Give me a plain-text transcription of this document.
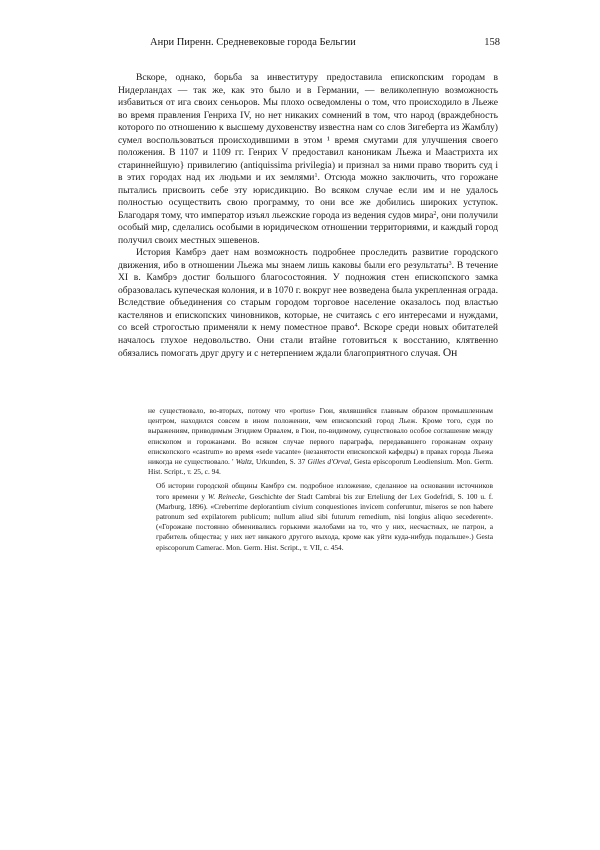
Анри Пиренн. Средневековые города Бельгии	158

Вскоре, однако, борьба за инвеституру предоставила епископским городам в Нидерландах — так же, как это было и в Германии, — великолепную возможность избавиться от ига своих сеньоров. Мы плохо осведомлены о том, что происходило в Льеже во время правления Генриха IV, но нет никаких сомнений в том, что народ (враждебность которого по отношению к высшему духовенству известна нам со слов Зигеберта из Жамблу) сумел воспользоваться происходившими в этом ¹ время смутами для улучшения своего положения. В 1107 и 1109 гг. Генрих V предоставил каноникам Льежа и Маастрихта их стариннейшую} привилегию (antiquissima privilegia) и признал за ними право творить суд i в этих городах над их людьми и их землями$^1$. Отсюда можно заключить, что горожане пытались присвоить себе эту юрисдикцию. Во всяком случае если им и не удалось полностью осуществить свою программу, то они все же добились широких уступок. Благодаря тому, что император изъял льежские города из ведения судов мира$^2$, они получили особый мир, сделались особыми в юридическом отношении территориями, и каждый город получил своих местных эшевенов.

История Камбрэ дает нам возможность подробнее проследить развитие городского движения, ибо в отношении Льежа мы знаем лишь каковы были его результаты$^3$. В течение XI в. Камбрэ достиг большого благосостояния. У подножия стен епископского замка образовалась купеческая колония, и в 1070 г. вокруг нее возведена была укрепленная ограда. Вследствие объединения со старым городом торговое население оказалось под властью кастелянов и епископских чиновников, которые, не считаясь с его интересами и нуждами, со всей строгостью применяли к нему поместное право$^4$. Вскоре среди новых обитателей началось глухое недовольство. Они стали втайне готовиться к восстанию, клятвенно обязались помогать друг другу и с нетерпением ждали благоприятного случая. Он

не существовало, во-вторых, потому что «portus» Гюи, являвшийся главным образом промышленным центром, находился совсем в ином положении, чем епископский город Льеж. Кроме того, судя по выражениям, приводимым Эгидием Орвалем, в Гюи, по-видимому, существовало особое соглашение между епископом и горожанами. Во всяком случае первого параграфа, передававшего горожанам охрану епископского «castrum» во время «sede vacante» (незанятости епископской кафедры) в правах города Льежа никогда не существовало. ' Waltz, Urkunden, S. 37 Gilles d'Orval, Gesta episcoporum Leodiensium. Mon. Germ. Hist. Script., т. 25, с. 94.

Об истории городской общины Камбрэ см. подробное изложение, сделанное на основании источников того времени у W. Reinecke, Geschichte der Stadt Cambrai bis zur Erteliung der Lex Godefridi, S. 100 u. f. (Marburg, 1896). «Creberrime deplorantium civium conquestiones invicem conferuntur, miseros se non habere patronum sed expilatorem publicum; nullum aliud sibi futurum remedium, nisi longius aliquo secederent». («Горожане постоянно обменивались горькими жалобами на то, что у них, несчастных, не патрон, а грабитель общества; у них нет никакого другого выхода, кроме как уйти куда-нибудь подальше».) Gesta episcoporum Camerac. Mon. Germ. Hist. Script., т. VII, с. 454.
